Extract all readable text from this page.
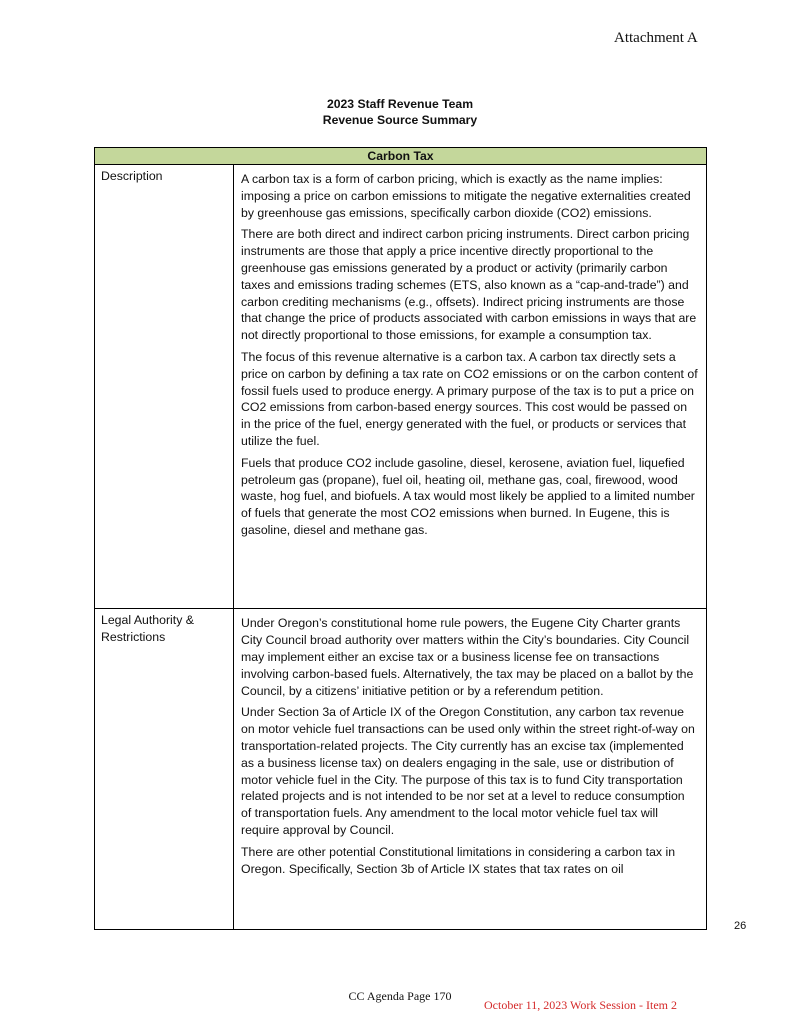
Attachment A
2023 Staff Revenue Team
Revenue Source Summary
Carbon Tax	
Description	A carbon tax is a form of carbon pricing, which is exactly as the name implies: imposing a price on carbon emissions to mitigate the negative externalities created by greenhouse gas emissions, specifically carbon dioxide (CO2) emissions.

There are both direct and indirect carbon pricing instruments. Direct carbon pricing instruments are those that apply a price incentive directly proportional to the greenhouse gas emissions generated by a product or activity (primarily carbon taxes and emissions trading schemes (ETS, also known as a “cap-and-trade”) and carbon crediting mechanisms (e.g., offsets). Indirect pricing instruments are those that change the price of products associated with carbon emissions in ways that are not directly proportional to those emissions, for example a consumption tax.

The focus of this revenue alternative is a carbon tax. A carbon tax directly sets a price on carbon by defining a tax rate on CO2 emissions or on the carbon content of fossil fuels used to produce energy. A primary purpose of the tax is to put a price on CO2 emissions from carbon-based energy sources. This cost would be passed on in the price of the fuel, energy generated with the fuel, or products or services that utilize the fuel.

Fuels that produce CO2 include gasoline, diesel, kerosene, aviation fuel, liquefied petroleum gas (propane), fuel oil, heating oil, methane gas, coal, firewood, wood waste, hog fuel, and biofuels. A tax would most likely be applied to a limited number of fuels that generate the most CO2 emissions when burned. In Eugene, this is gasoline, diesel and methane gas.

Legal Authority & Restrictions	Under Oregon’s constitutional home rule powers, the Eugene City Charter grants City Council broad authority over matters within the City’s boundaries. City Council may implement either an excise tax or a business license fee on transactions involving carbon-based fuels. Alternatively, the tax may be placed on a ballot by the Council, by a citizens’ initiative petition or by a referendum petition.

Under Section 3a of Article IX of the Oregon Constitution, any carbon tax revenue on motor vehicle fuel transactions can be used only within the street right-of-way on transportation-related projects. The City currently has an excise tax (implemented as a business license tax) on dealers engaging in the sale, use or distribution of motor vehicle fuel in the City. The purpose of this tax is to fund City transportation related projects and is not intended to be nor set at a level to reduce consumption of transportation fuels. Any amendment to the local motor vehicle fuel tax will require approval by Council.

There are other potential Constitutional limitations in considering a carbon tax in Oregon. Specifically, Section 3b of Article IX states that tax rates on oil

26
CC Agenda Page 170
October 11, 2023 Work Session - Item 2
